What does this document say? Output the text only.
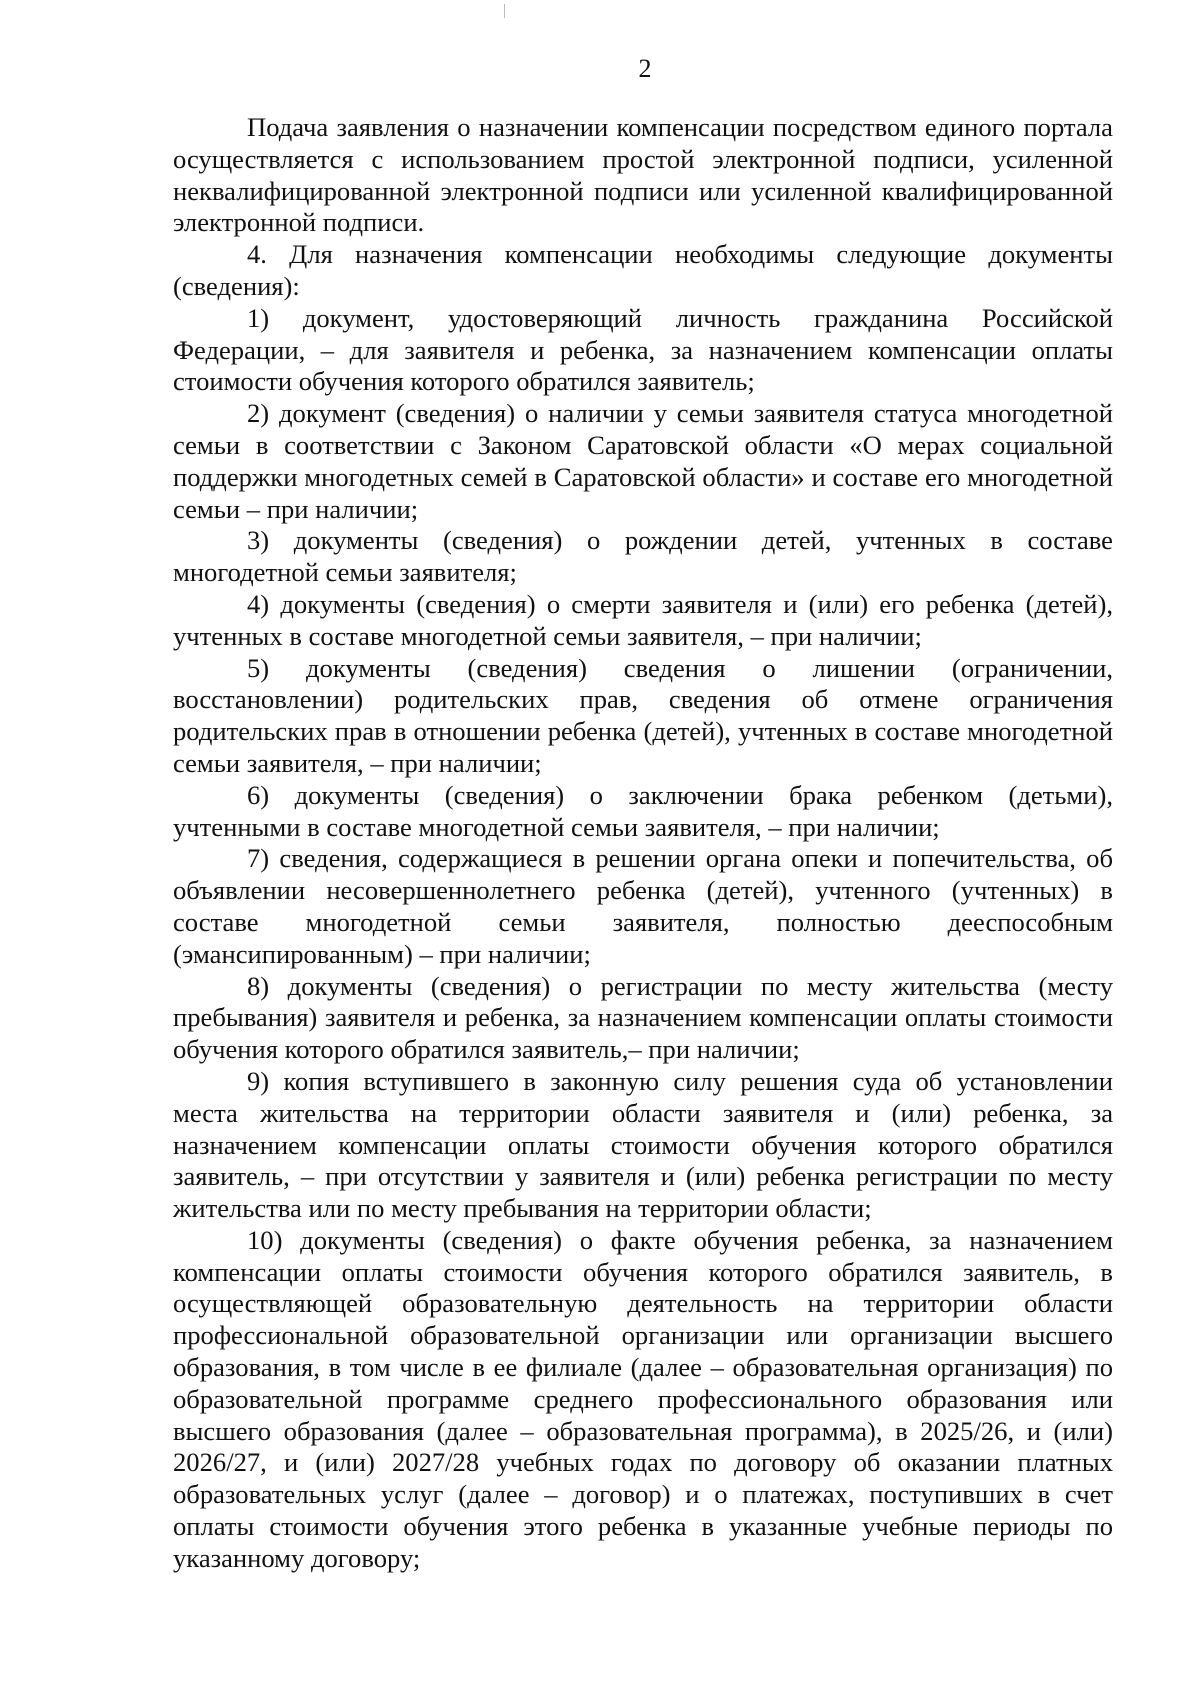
2

Подача заявления о назначении компенсации посредством единого портала осуществляется с использованием простой электронной подписи, усиленной неквалифицированной электронной подписи или усиленной квалифицированной электронной подписи.

4. Для назначения компенсации необходимы следующие документы (сведения):

1) документ, удостоверяющий личность гражданина Российской Федерации, – для заявителя и ребенка, за назначением компенсации оплаты стоимости обучения которого обратился заявитель;

2) документ (сведения) о наличии у семьи заявителя статуса многодетной семьи в соответствии с Законом Саратовской области «О мерах социальной поддержки многодетных семей в Саратовской области» и составе его многодетной семьи – при наличии;

3) документы (сведения) о рождении детей, учтенных в составе многодетной семьи заявителя;

4) документы (сведения) о смерти заявителя и (или) его ребенка (детей), учтенных в составе многодетной семьи заявителя, – при наличии;

5) документы (сведения) сведения о лишении (ограничении, восстановлении) родительских прав, сведения об отмене ограничения родительских прав в отношении ребенка (детей), учтенных в составе многодетной семьи заявителя, – при наличии;

6) документы (сведения) о заключении брака ребенком (детьми), учтенными в составе многодетной семьи заявителя, – при наличии;

7) сведения, содержащиеся в решении органа опеки и попечительства, об объявлении несовершеннолетнего ребенка (детей), учтенного (учтенных) в составе многодетной семьи заявителя, полностью дееспособным (эмансипированным) – при наличии;

8) документы (сведения) о регистрации по месту жительства (месту пребывания) заявителя и ребенка, за назначением компенсации оплаты стоимости обучения которого обратился заявитель,– при наличии;

9) копия вступившего в законную силу решения суда об установлении места жительства на территории области заявителя и (или) ребенка, за назначением компенсации оплаты стоимости обучения которого обратился заявитель, – при отсутствии у заявителя и (или) ребенка регистрации по месту жительства или по месту пребывания на территории области;

10) документы (сведения) о факте обучения ребенка, за назначением компенсации оплаты стоимости обучения которого обратился заявитель, в осуществляющей образовательную деятельность на территории области профессиональной образовательной организации или организации высшего образования, в том числе в ее филиале (далее – образовательная организация) по образовательной программе среднего профессионального образования или высшего образования (далее – образовательная программа), в 2025/26, и (или) 2026/27, и (или) 2027/28 учебных годах по договору об оказании платных образовательных услуг (далее – договор) и о платежах, поступивших в счет оплаты стоимости обучения этого ребенка в указанные учебные периоды по указанному договору;
